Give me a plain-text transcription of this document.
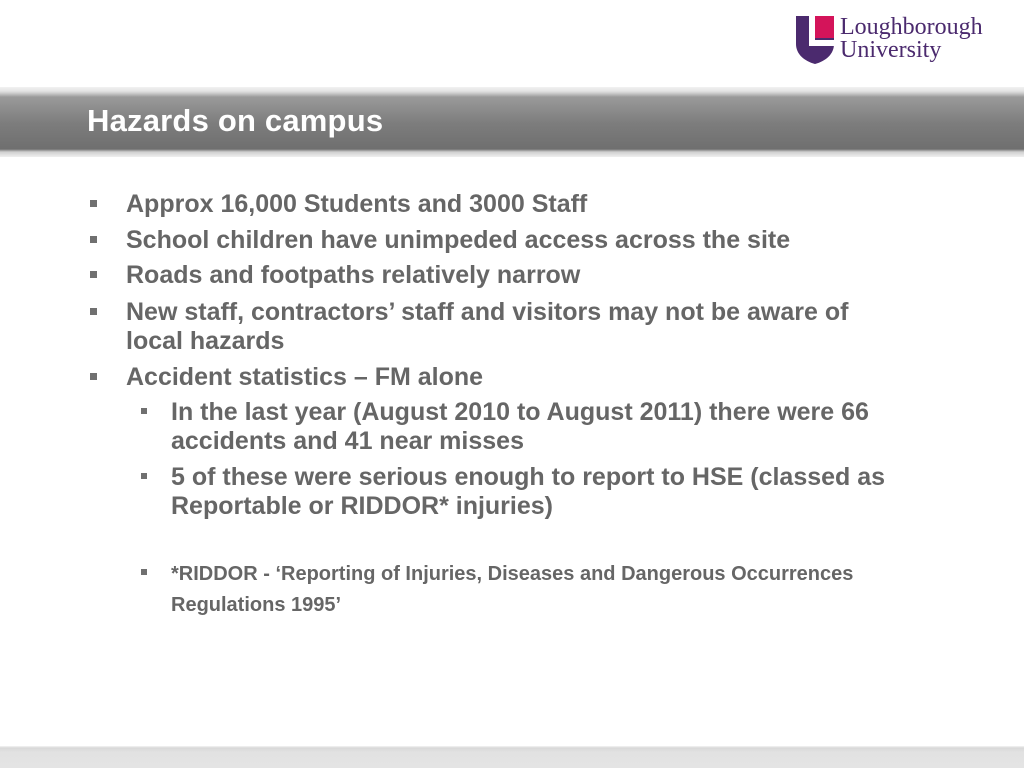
Loughborough
University
Hazards on campus
Approx 16,000 Students and 3000 Staff
School children have unimpeded access across the site
Roads and footpaths relatively narrow
New staff, contractors’ staff and visitors may not be aware of local hazards
Accident statistics – FM alone
In the last year (August 2010 to August 2011) there were 66 accidents and 41 near misses
5 of these were serious enough to report to HSE (classed as Reportable or RIDDOR* injuries)
*RIDDOR - ‘Reporting of Injuries, Diseases and Dangerous Occurrences Regulations 1995’
